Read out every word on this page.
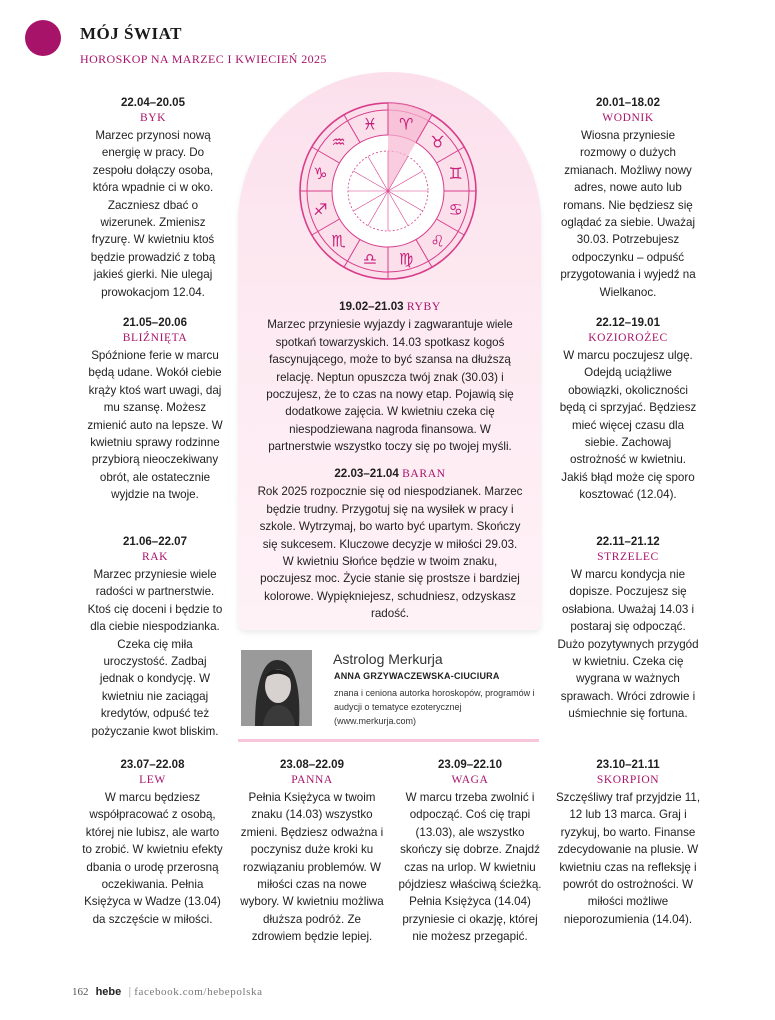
MÓJ ŚWIAT
HOROSKOP NA MARZEC I KWIECIEŃ 2025
♈
♉
♊
♋
♌
♍
♎
♏
♐
♑
♒
♓
22.04–20.05
BYK
Marzec przynosi nową energię w pracy. Do zespołu dołączy osoba, która wpadnie ci w oko. Zaczniesz dbać o wizerunek. Zmienisz fryzurę. W kwietniu ktoś będzie prowadzić z tobą jakieś gierki. Nie ulegaj prowokacjom 12.04.
21.05–20.06
BLIŹNIĘTA
Spóźnione ferie w marcu będą udane. Wokół ciebie krąży ktoś wart uwagi, daj mu szansę. Możesz zmienić auto na lepsze. W kwietniu sprawy rodzinne przybiorą nieoczekiwany obrót, ale ostatecznie wyjdzie na twoje.
21.06–22.07
RAK
Marzec przyniesie wiele radości w partnerstwie. Ktoś cię doceni i będzie to dla ciebie niespodzianka. Czeka cię miła uroczystość. Zadbaj jednak o kondycję. W kwietniu nie zaciągaj kredytów, odpuść też pożyczanie kwot bliskim.
20.01–18.02
WODNIK
Wiosna przyniesie rozmowy o dużych zmianach. Możliwy nowy adres, nowe auto lub romans. Nie będziesz się oglądać za siebie. Uważaj 30.03. Potrzebujesz odpoczynku – odpuść przygotowania i wyjedź na Wielkanoc.
22.12–19.01
KOZIOROŻEC
W marcu poczujesz ulgę. Odejdą uciążliwe obowiązki, okoliczności będą ci sprzyjać. Będziesz mieć więcej czasu dla siebie. Zachowaj ostrożność w kwietniu. Jakiś błąd może cię sporo kosztować (12.04).
22.11–21.12
STRZELEC
W marcu kondycja nie dopisze. Poczujesz się osłabiona. Uważaj 14.03 i postaraj się odpocząć. Dużo pozytywnych przygód w kwietniu. Czeka cię wygrana w ważnych sprawach. Wróci zdrowie i uśmiechnie się fortuna.
19.02–21.03 RYBY
Marzec przyniesie wyjazdy i zagwarantuje wiele spotkań towarzyskich. 14.03 spotkasz kogoś fascynującego, może to być szansa na dłuższą relację. Neptun opuszcza twój znak (30.03) i poczujesz, że to czas na nowy etap. Pojawią się dodatkowe zajęcia. W kwietniu czeka cię niespodziewana nagroda finansowa. W partnerstwie wszystko toczy się po twojej myśli.
22.03–21.04 BARAN
Rok 2025 rozpocznie się od niespodzianek. Marzec będzie trudny. Przygotuj się na wysiłek w pracy i szkole. Wytrzymaj, bo warto być upartym. Skończy się sukcesem. Kluczowe decyzje w miłości 29.03. W kwietniu Słońce będzie w twoim znaku, poczujesz moc. Życie stanie się prostsze i bardziej kolorowe. Wypiękniejesz, schudniesz, odzyskasz radość.
Astrolog Merkurja
ANNA GRZYWACZEWSKA-CIUCIURA
znana i ceniona autorka horoskopów, programów i audycji o tematyce ezoterycznej (www.merkurja.com)
23.07–22.08
LEW
W marcu będziesz współpracować z osobą, której nie lubisz, ale warto to zrobić. W kwietniu efekty dbania o urodę przerosną oczekiwania. Pełnia Księżyca w Wadze (13.04) da szczęście w miłości.
23.08–22.09
PANNA
Pełnia Księżyca w twoim znaku (14.03) wszystko zmieni. Będziesz odważna i poczynisz duże kroki ku rozwiązaniu problemów. W miłości czas na nowe wybory. W kwietniu możliwa dłuższa podróż. Ze zdrowiem będzie lepiej.
23.09–22.10
WAGA
W marcu trzeba zwolnić i odpocząć. Coś cię trapi (13.03), ale wszystko skończy się dobrze. Znajdź czas na urlop. W kwietniu pójdziesz właściwą ścieżką. Pełnia Księżyca (14.04) przyniesie ci okazję, której nie możesz przegapić.
23.10–21.11
SKORPION
Szczęśliwy traf przyjdzie 11, 12 lub 13 marca. Graj i ryzykuj, bo warto. Finanse zdecydowanie na plusie. W kwietniu czas na refleksję i powrót do ostrożności. W miłości możliwe nieporozumienia (14.04).
162 hebe | facebook.com/hebepolska
